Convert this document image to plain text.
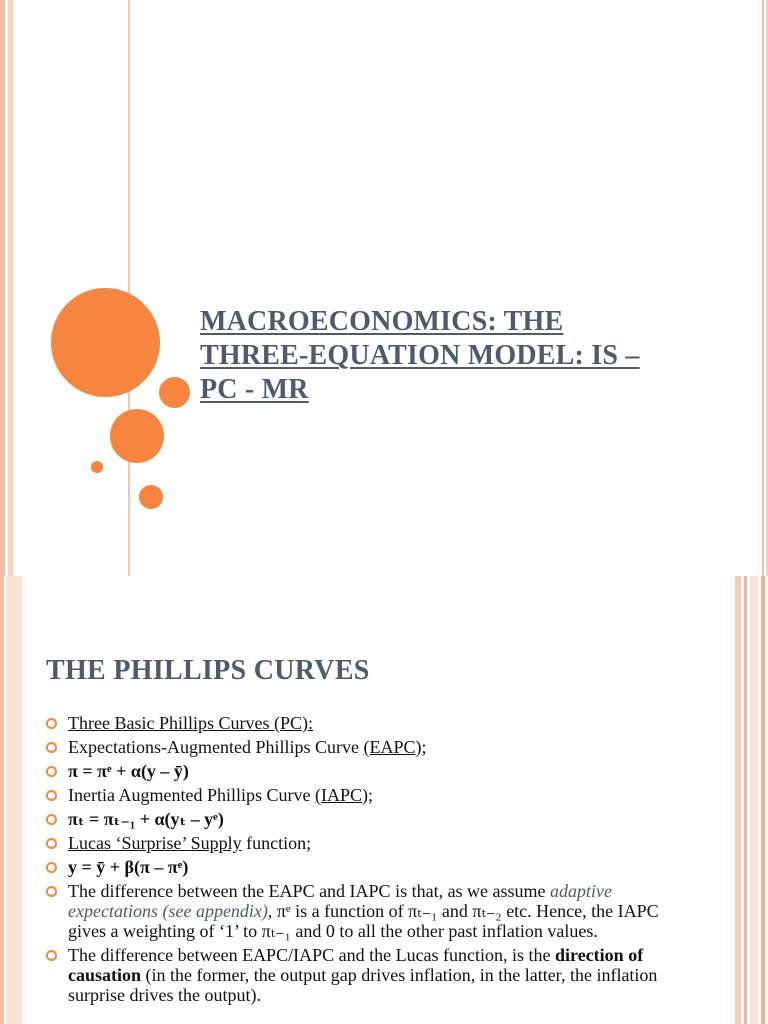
MACROECONOMICS: THE
THREE-EQUATION MODEL: IS –
PC - MR
THE PHILLIPS CURVES
Three Basic Phillips Curves (PC):
Expectations-Augmented Phillips Curve (EAPC);
π = πᵉ + α(y – ȳ)
Inertia Augmented Phillips Curve (IAPC);
πₜ = πₜ₋₁ + α(yₜ – yᵉ)
Lucas ‘Surprise’ Supply function;
y = ȳ + β(π – πᵉ)
The difference between the EAPC and IAPC is that, as we assume adaptive expectations (see appendix), πᵉ is a function of πₜ₋₁ and πₜ₋₂ etc. Hence, the IAPC gives a weighting of ‘1’ to πₜ₋₁ and 0 to all the other past inflation values.
The difference between EAPC/IAPC and the Lucas function, is the direction of causation (in the former, the output gap drives inflation, in the latter, the inflation surprise drives the output).
